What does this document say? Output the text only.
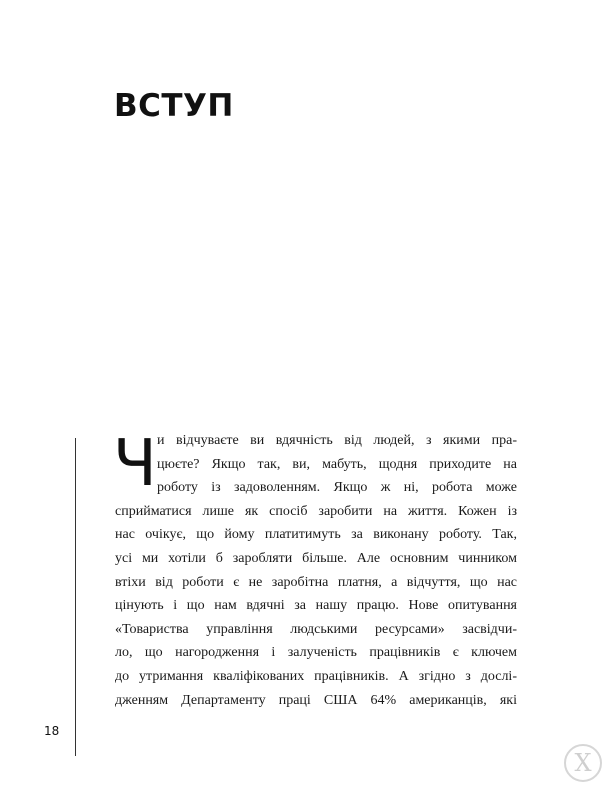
ВСТУП
18
Ч и відчуваєте ви вдячність від людей, з якими пра-
цюєте? Якщо так, ви, мабуть, щодня приходите на
роботу із задоволенням. Якщо ж ні, робота може
сприйматися лише як спосіб заробити на життя. Кожен із
нас очікує, що йому платитимуть за виконану роботу. Так,
усі ми хотіли б заробляти більше. Але основним чинником
втіхи від роботи є не заробітна платня, а відчуття, що нас
цінують і що нам вдячні за нашу працю. Нове опитування
«Товариства управління людськими ресурсами» засвідчи-
ло, що нагородження і залученість працівників є ключем
до утримання кваліфікованих працівників. А згідно з дослі-
дженням Департаменту праці США 64% американців, які
Х
